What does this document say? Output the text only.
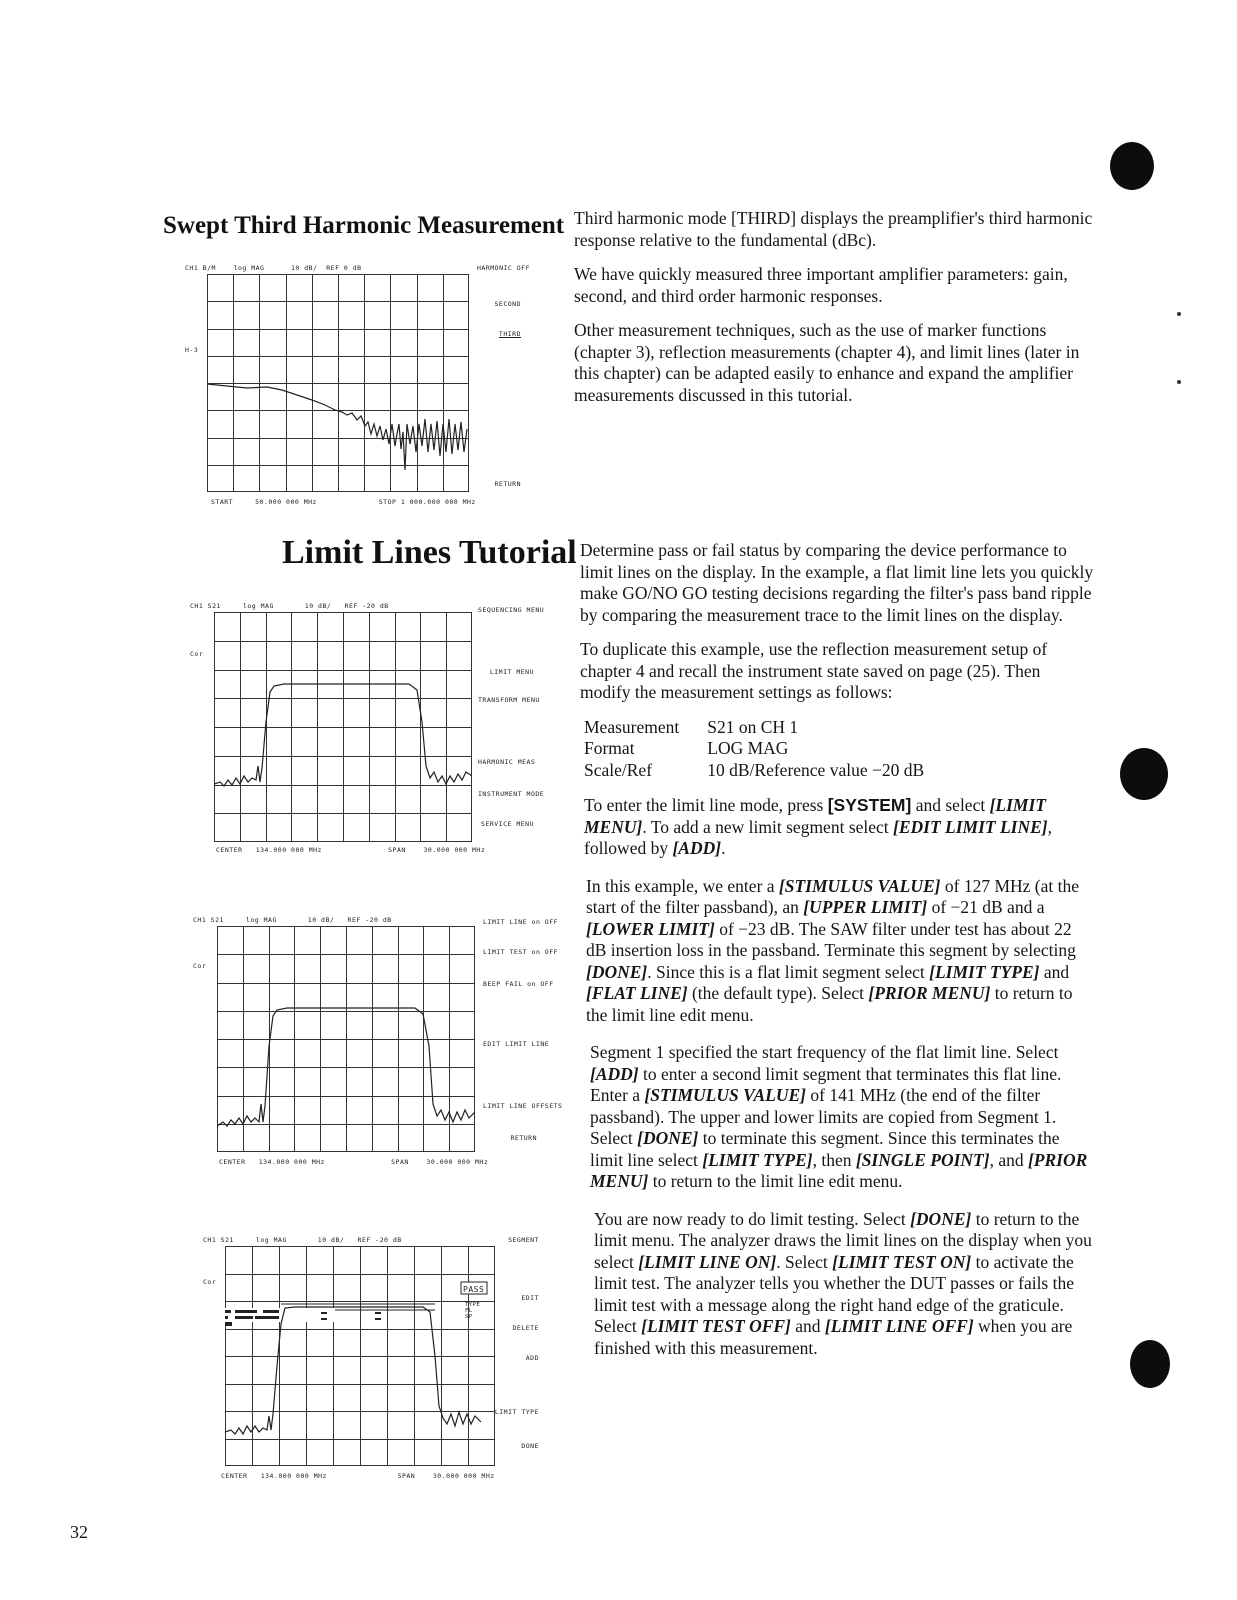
Swept Third Harmonic Measurement Third harmonic mode [THIRD] displays the preamplifier's third harmonic response relative to the fundamental (dBc).

We have quickly measured three important amplifier parameters: gain, second, and third order harmonic responses.

Other measurement techniques, such as the use of marker functions (chapter 3), reflection measurements (chapter 4), and limit lines (later in this chapter) can be adapted easily to enhance and expand the amplifier measurements discussed in this tutorial.

CH1 B/M	log MAG	10 dB/ REF 0 dB
H-3
START	50.000 000 MHz	STOP 1 000.000 000 MHz
HARMONIC OFF
SECOND
THIRD
RETURN
Limit Lines Tutorial Determine pass or fail status by comparing the device performance to limit lines on the display. In the example, a flat limit line lets you quickly make GO/NO GO testing decisions regarding the filter's pass band ripple by comparing the measurement trace to the limit lines on the display.

To duplicate this example, use the reflection measurement setup of chapter 4 and recall the instrument state saved on page (25). Then modify the measurement settings as follows:

Measurement	S21 on CH 1
Format	LOG MAG
Scale/Ref	10 dB/Reference value −20 dB

To enter the limit line mode, press [SYSTEM] and select [LIMIT MENU]. To add a new limit segment select [EDIT LIMIT LINE], followed by [ADD].

In this example, we enter a [STIMULUS VALUE] of 127 MHz (at the start of the filter passband), an [UPPER LIMIT] of −21 dB and a [LOWER LIMIT] of −23 dB. The SAW filter under test has about 22 dB insertion loss in the passband. Terminate this segment by selecting [DONE]. Since this is a flat limit segment select [LIMIT TYPE] and [FLAT LINE] (the default type). Select [PRIOR MENU] to return to the limit line edit menu.

Segment 1 specified the start frequency of the flat limit line. Select [ADD] to enter a second limit segment that terminates this flat line. Enter a [STIMULUS VALUE] of 141 MHz (the end of the filter passband). The upper and lower limits are copied from Segment 1. Select [DONE] to terminate this segment. Since this terminates the limit line select [LIMIT TYPE], then [SINGLE POINT], and [PRIOR MENU] to return to the limit line edit menu.

You are now ready to do limit testing. Select [DONE] to return to the limit menu. The analyzer draws the limit lines on the display when you select [LIMIT LINE ON]. Select [LIMIT TEST ON] to activate the limit test. The analyzer tells you whether the DUT passes or fails the limit test with a message along the right hand edge of the graticule. Select [LIMIT TEST OFF] and [LIMIT LINE OFF] when you are finished with this measurement.

CH1 S21	log MAG	10 dB/ REF -20 dB
Cor
CENTER 134.000 000 MHz	SPAN	30.000 000 MHz
SEQUENCING MENU
LIMIT MENU
TRANSFORM MENU
HARMONIC MEAS
INSTRUMENT MODE
SERVICE MENU
CH1 S21	log MAG	10 dB/ REF -20 dB
Cor
CENTER 134.000 000 MHz	SPAN	30.000 000 MHz
LIMIT LINE on OFF
LIMIT TEST on OFF
BEEP FAIL on OFF
EDIT LIMIT LINE
LIMIT LINE OFFSETS
RETURN
CH1 S21	log MAG	10 dB/ REF -20 dB
Cor
PASS
TYPE FL SP
CENTER 134.000 000 MHz	SPAN	30.000 000 MHz
SEGMENT
EDIT
DELETE
ADD
LIMIT TYPE
DONE
32
